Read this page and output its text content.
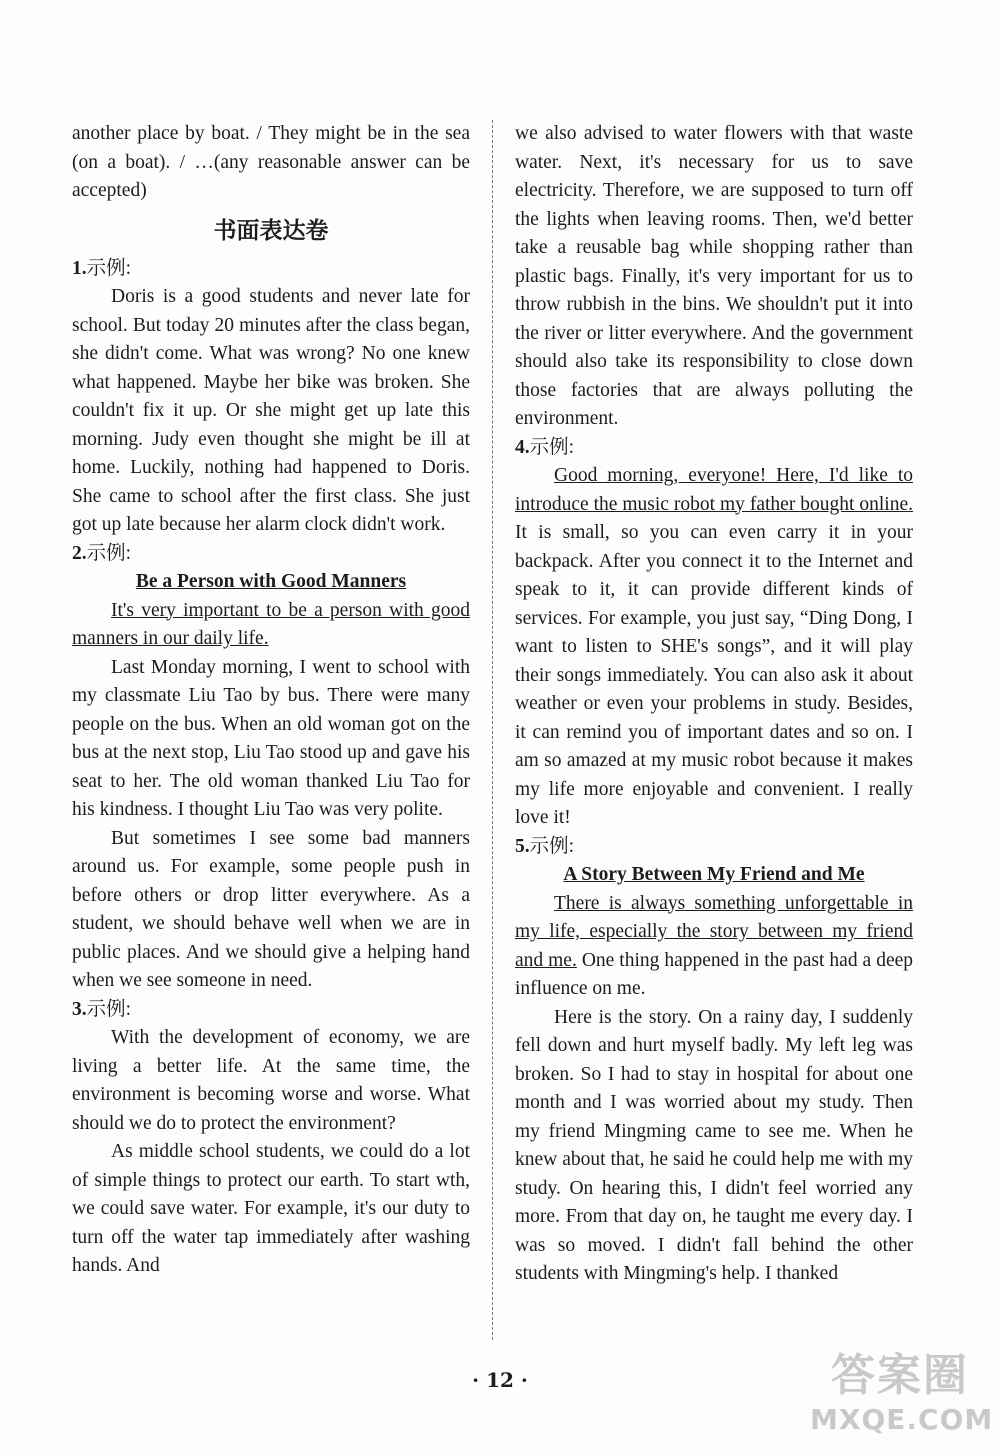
another place by boat. / They might be in the sea (on a boat). / …(any reasonable answer can be accepted)

书面表达卷

1.示例:

Doris is a good students and never late for school. But today 20 minutes after the class began, she didn't come. What was wrong? No one knew what happened. Maybe her bike was broken. She couldn't fix it up. Or she might get up late this morning. Judy even thought she might be ill at home. Luckily, nothing had happened to Doris. She came to school after the first class. She just got up late because her alarm clock didn't work.

2.示例:

Be a Person with Good Manners

It's very important to be a person with good manners in our daily life.

Last Monday morning, I went to school with my classmate Liu Tao by bus. There were many people on the bus. When an old woman got on the bus at the next stop, Liu Tao stood up and gave his seat to her. The old woman thanked Liu Tao for his kindness. I thought Liu Tao was very polite.

But sometimes I see some bad manners around us. For example, some people push in before others or drop litter everywhere. As a student, we should behave well when we are in public places. And we should give a helping hand when we see someone in need.

3.示例:

With the development of economy, we are living a better life. At the same time, the environment is becoming worse and worse. What should we do to protect the environment?

As middle school students, we could do a lot of simple things to protect our earth. To start wth, we could save water. For example, it's our duty to turn off the water tap immediately after washing hands. And

we also advised to water flowers with that waste water. Next, it's necessary for us to save electricity. Therefore, we are supposed to turn off the lights when leaving rooms. Then, we'd better take a reusable bag while shopping rather than plastic bags. Finally, it's very important for us to throw rubbish in the bins. We shouldn't put it into the river or litter everywhere. And the government should also take its responsibility to close down those factories that are always polluting the environment.

4.示例:

Good morning, everyone! Here, I'd like to introduce the music robot my father bought online. It is small, so you can even carry it in your backpack. After you connect it to the Internet and speak to it, it can provide different kinds of services. For example, you just say, “Ding Dong, I want to listen to SHE's songs”, and it will play their songs immediately. You can also ask it about weather or even your problems in study. Besides, it can remind you of important dates and so on. I am so amazed at my music robot because it makes my life more enjoyable and convenient. I really love it!

5.示例:

A Story Between My Friend and Me

There is always something unforgettable in my life, especially the story between my friend and me. One thing happened in the past had a deep influence on me.

Here is the story. On a rainy day, I suddenly fell down and hurt myself badly. My left leg was broken. So I had to stay in hospital for about one month and I was worried about my study. Then my friend Mingming came to see me. When he knew about that, he said he could help me with my study. On hearing this, I didn't feel worried any more. From that day on, he taught me every day. I was so moved. I didn't fall behind the other students with Mingming's help. I thanked

· 12 ·	答案圈
MXQE.COM
